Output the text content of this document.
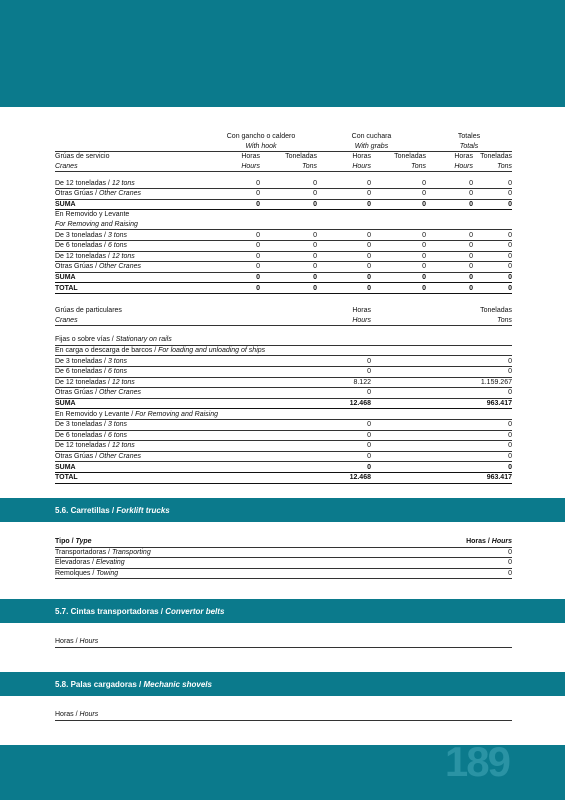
	Con gancho o caldero		Con cuchara		Totales	
	With hook		With grabs		Totals	
Grúas de servicio	Horas	Toneladas	Horas	Toneladas	Horas	Toneladas
Cranes	Hours	Tons	Hours	Tons	Hours	Tons

De 12 toneladas / 12 tons	0	0	0	0	0	0
Otras Grúas / Other Cranes	0	0	0	0	0	0
SUMA	0	0	0	0	0	0
En Removido y Levante						
For Removing and Raising						
De 3 toneladas / 3 tons	0	0	0	0	0	0
De 6 toneladas / 6 tons	0	0	0	0	0	0
De 12 toneladas / 12 tons	0	0	0	0	0	0
Otras Grúas / Other Cranes	0	0	0	0	0	0
SUMA	0	0	0	0	0	0
TOTAL	0	0	0	0	0	0
Grúas de particulares	Horas	Toneladas
Cranes	Hours	Tons

Fijas o sobre vías / Stationary on rails		
En carga o descarga de barcos / For loading and unloading of ships		
De 3 toneladas / 3 tons	0	0
De 6 toneladas / 6 tons	0	0
De 12 toneladas / 12 tons	8.122	1.159.267
Otras Grúas / Other Cranes	0	0
SUMA	12.468	963.417
En Removido y Levante / For Removing and Raising		
De 3 toneladas / 3 tons	0	0
De 6 toneladas / 6 tons	0	0
De 12 toneladas / 12 tons	0	0
Otras Grúas / Other Cranes	0	0
SUMA	0	0
TOTAL	12.468	963.417
5.6. Carretillas / Forklift trucks
Tipo / Type	Horas / Hours
Transportadoras / Transporting	0
Elevadoras / Elevating	0
Remolques / Towing	0
5.7. Cintas transportadoras / Convertor belts
Horas / Hours
5.8. Palas cargadoras / Mechanic shovels
Horas / Hours
189
